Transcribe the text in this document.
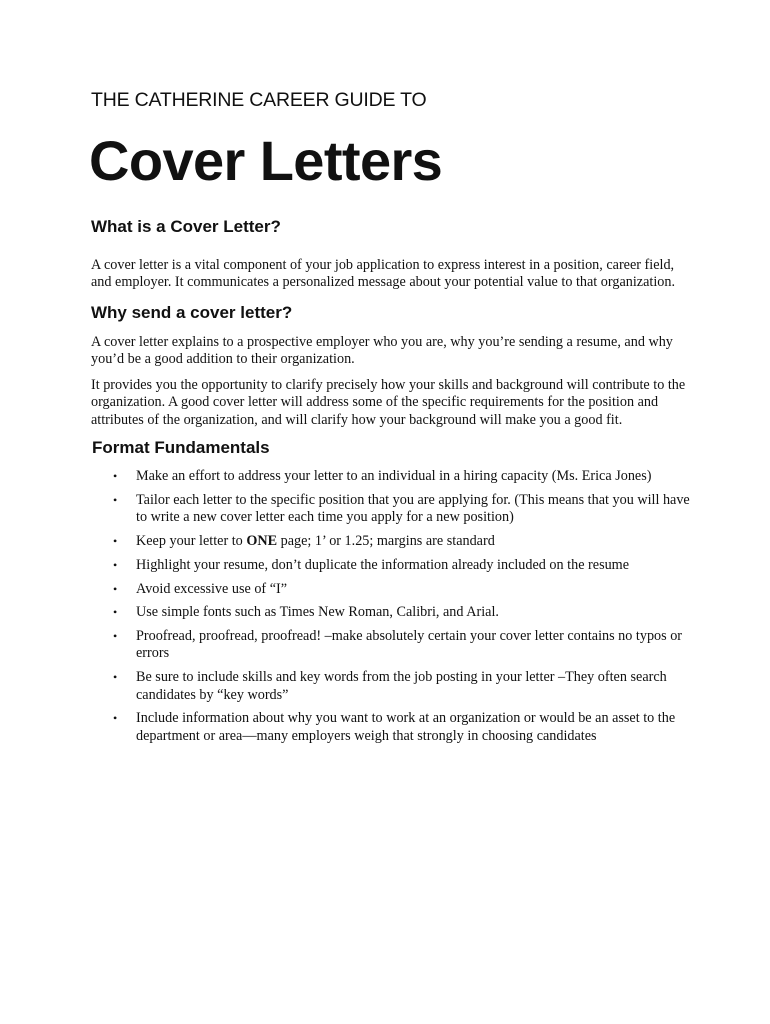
THE CATHERINE CAREER GUIDE TO
Cover Letters
What is a Cover Letter?

A cover letter is a vital component of your job application to express interest in a position, career field, and employer. It communicates a personalized message about your potential value to that organization.

Why send a cover letter?

A cover letter explains to a prospective employer who you are, why you’re sending a resume, and why you’d be a good addition to their organization.

It provides you the opportunity to clarify precisely how your skills and background will contribute to the organization. A good cover letter will address some of the specific requirements for the position and attributes of the organization, and will clarify how your background will make you a good fit.

Format Fundamentals
• Make an effort to address your letter to an individual in a hiring capacity (Ms. Erica Jones)
• Tailor each letter to the specific position that you are applying for. (This means that you will have to write a new cover letter each time you apply for a new position)
• Keep your letter to ONE page; 1’ or 1.25; margins are standard
• Highlight your resume, don’t duplicate the information already included on the resume
• Avoid excessive use of “I”
• Use simple fonts such as Times New Roman, Calibri, and Arial.
• Proofread, proofread, proofread! –make absolutely certain your cover letter contains no typos or errors
• Be sure to include skills and key words from the job posting in your letter –They often search candidates by “key words”
• Include information about why you want to work at an organization or would be an asset to the department or area—many employers weigh that strongly in choosing candidates
